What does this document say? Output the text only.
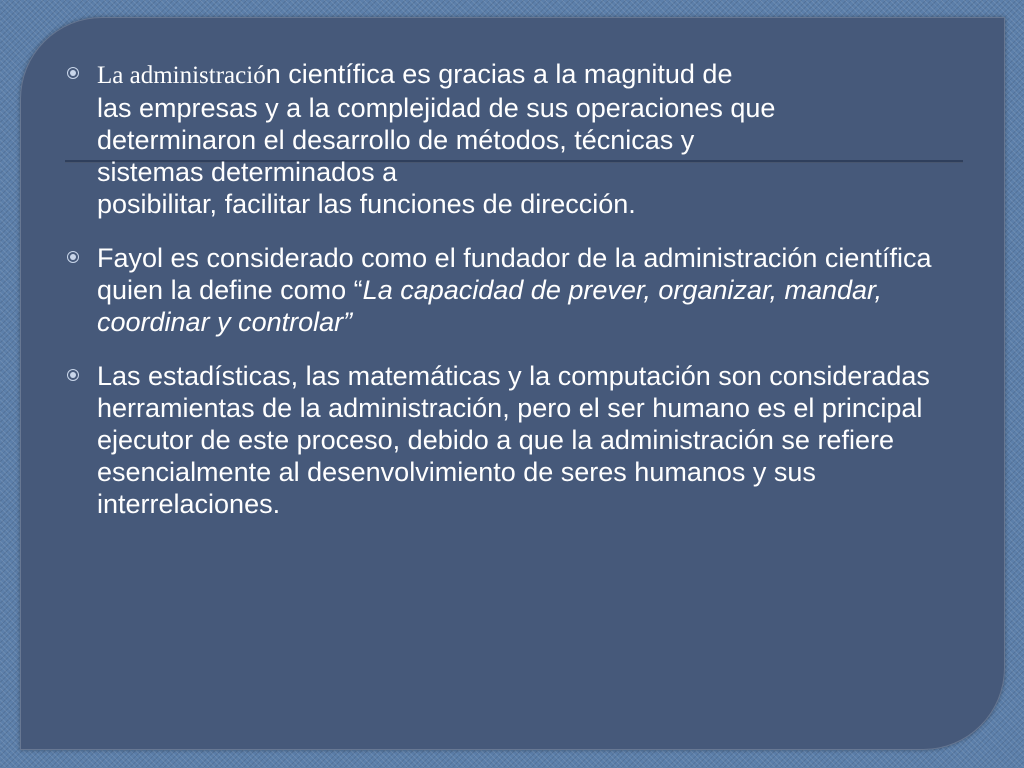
La administración científica es gracias a la magnitud de
las empresas y a la complejidad de sus operaciones que
determinaron el desarrollo de métodos, técnicas y
sistemas determinados a
posibilitar, facilitar las funciones de dirección.
Fayol es considerado como el fundador de la administración científica quien la define como “La capacidad de prever, organizar, mandar, coordinar y controlar”
Las estadísticas, las matemáticas y la computación son consideradas herramientas de la administración, pero el ser humano es el principal ejecutor de este proceso, debido a que la administración se refiere esencialmente al desenvolvimiento de seres humanos y sus interrelaciones.
